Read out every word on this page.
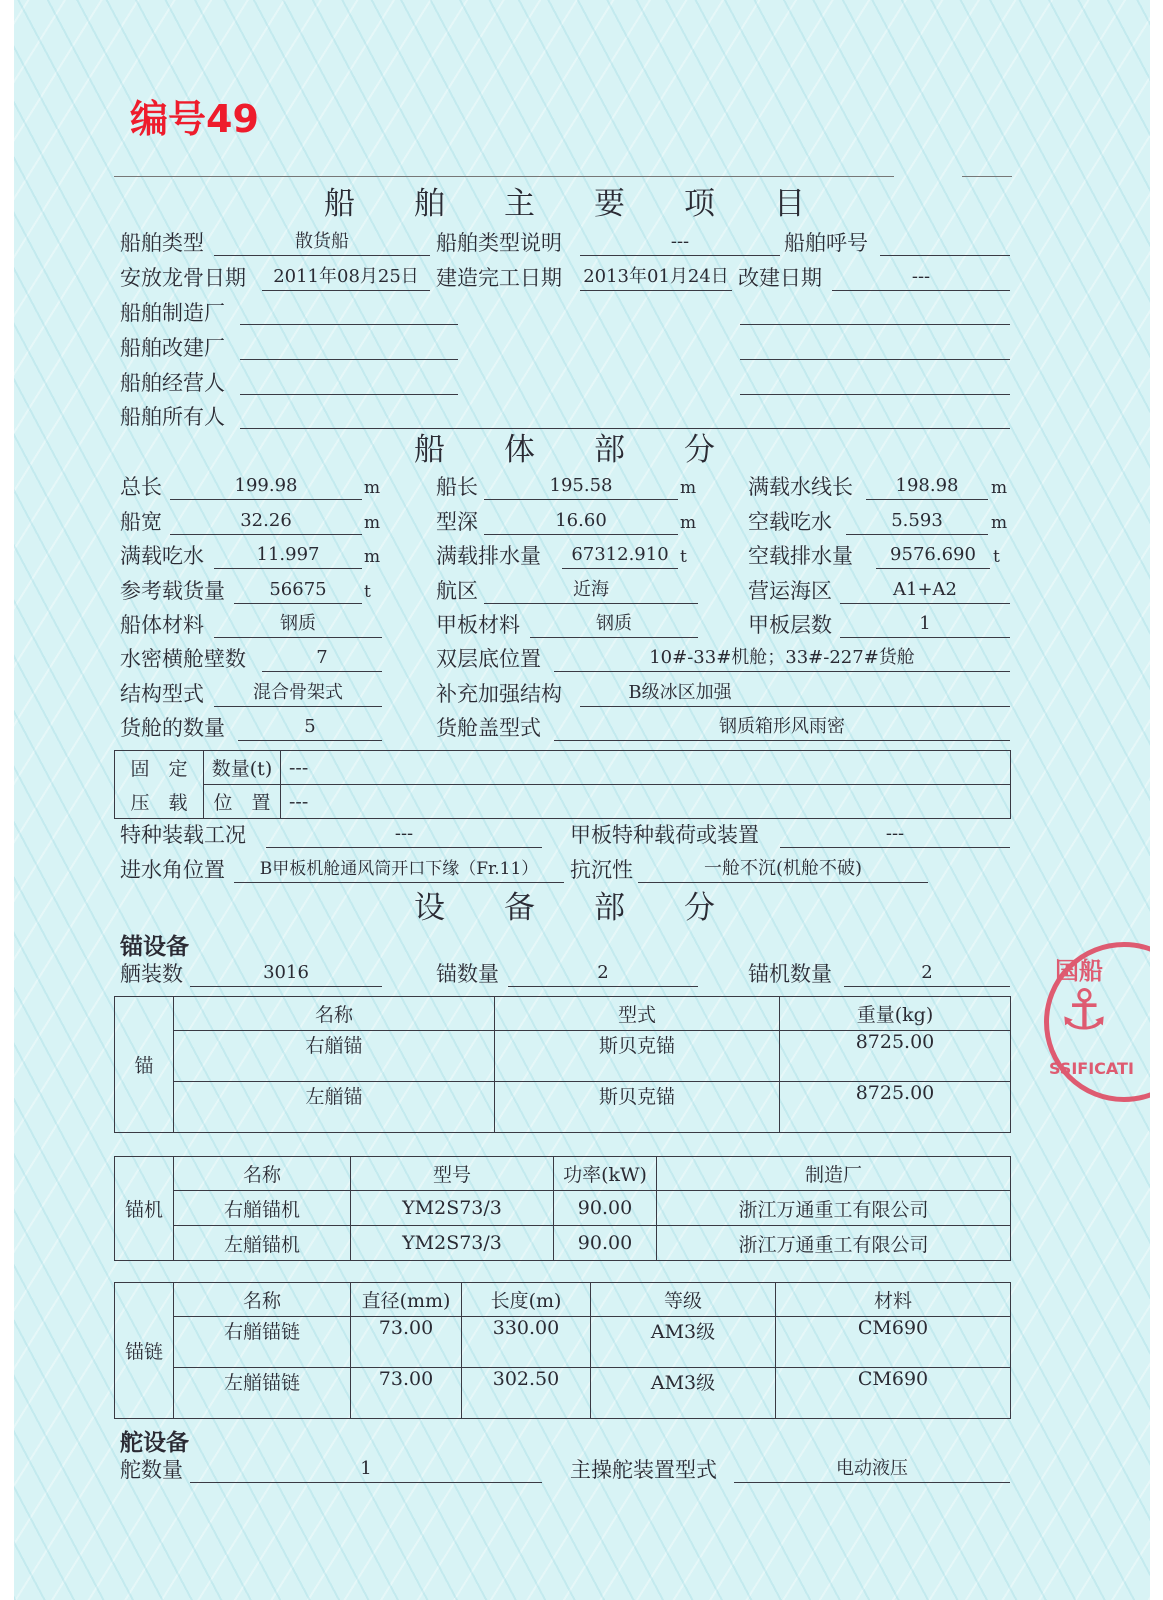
编号49
船 舶 主 要 项 目
船舶类型	散货船	船舶类型说明	---	船舶呼号
安放龙骨日期	2011年08月25日 建造完工日期 2013年01月24日 改建日期	---
船舶制造厂
船舶改建厂
船舶经营人
船舶所有人
船 体 部 分
总长	199.98	m	船长	195.58	m 满载水线长	198.98	m
船宽	32.26	m	型深	16.60	m 空载吃水	5.593	m
满载吃水	11.997	m	满载排水量	67312.910 t	空载排水量	9576.690	t
参考载货量	56675	t	航区	近海	营运海区	A1+A2
船体材料	钢质	甲板材料	钢质	甲板层数	1
水密横舱壁数	7	双层底位置	10#-33#机舱；33#-227#货舱
结构型式	混合骨架式	补充加强结构	B级冰区加强
货舱的数量	5	货舱盖型式	钢质箱形风雨密
固　定	数量(t)	---
压　载	位　置	---
特种装载工况	---	甲板特种载荷或装置	---
进水角位置	B甲板机舱通风筒开口下缘（Fr.11）	抗沉性	一舱不沉(机舱不破)
设 备 部 分
锚设备
舾装数	3016	锚数量	2	锚机数量	2
锚	名称	型式	重量(kg)
	右艏锚	斯贝克锚	8725.00
	左艏锚	斯贝克锚	8725.00
锚机	名称	型号	功率(kW)	制造厂
	右艏锚机	YM2S73/3	90.00	浙江万通重工有限公司
	左艏锚机	YM2S73/3	90.00	浙江万通重工有限公司
锚链	名称	直径(mm)	长度(m)	等级	材料
	右艏锚链	73.00	330.00	AM3级	CM690
	左艏锚链	73.00	302.50	AM3级	CM690
舵设备
舵数量	1	主操舵装置型式	电动液压
国船
⚓
SSIFICATI
